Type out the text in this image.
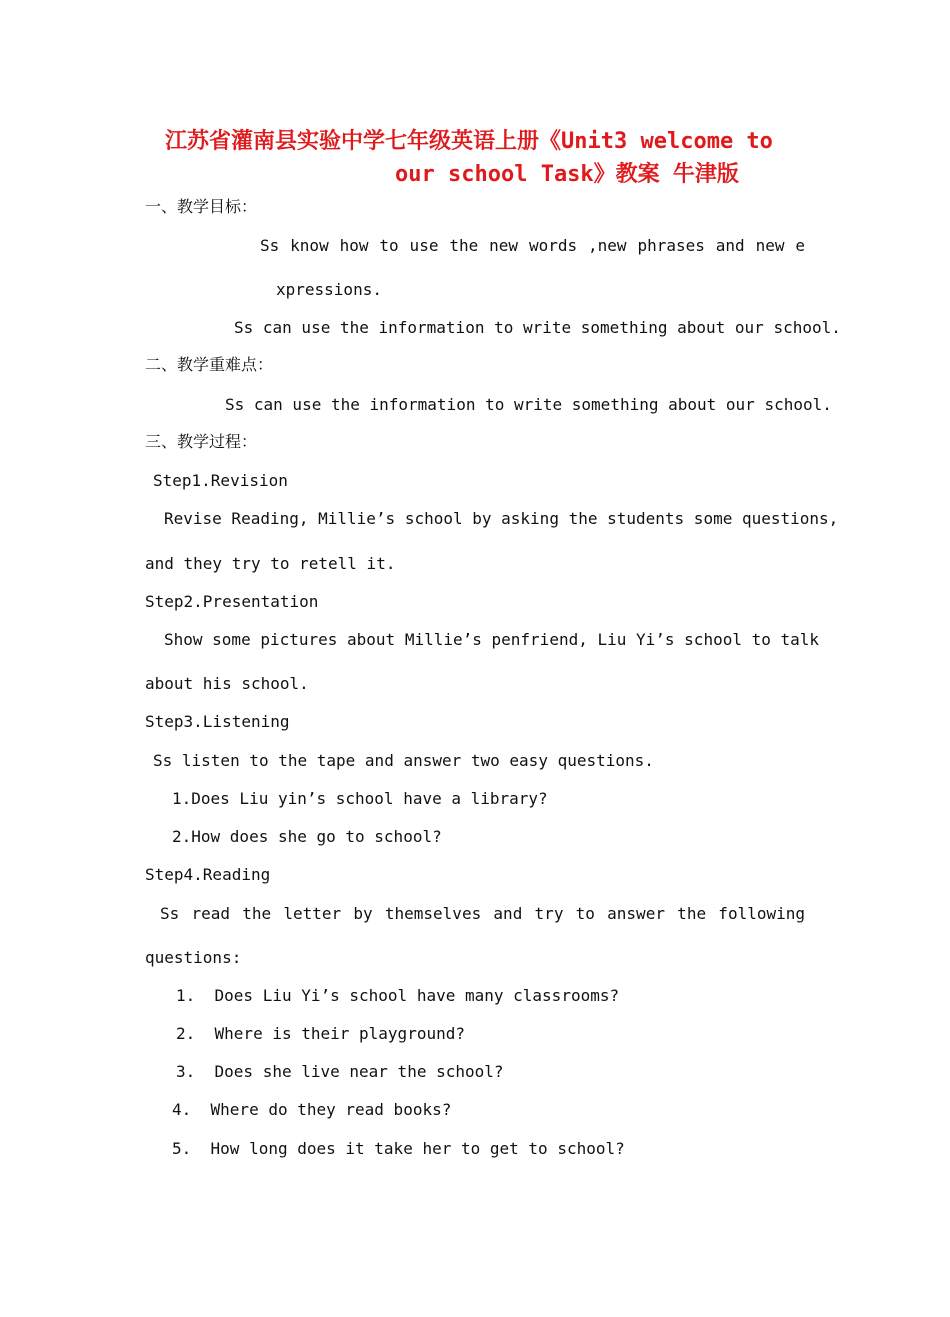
江苏省灌南县实验中学七年级英语上册《Unit3 welcome to
our school Task》教案 牛津版
一、教学目标：
Ss know how to use the new words ,new phrases and new e
xpressions.
Ss can use the information to write something about our school.
二、教学重难点：
Ss can use the information to write something about our school.
三、教学过程：
Step1.Revision
Revise Reading, Millie’s school by asking the students some questions,
and they try to retell it.
Step2.Presentation
Show some pictures about Millie’s penfriend, Liu Yi’s school to talk
about his school.
Step3.Listening
Ss listen to the tape and answer two easy questions.
1.Does Liu yin’s school have a library?
2.How does she go to school?
Step4.Reading
Ss read the letter by themselves and try to answer the following
questions:
1.  Does Liu Yi’s school have many classrooms?
2.  Where is their playground?
3.  Does she live near the school?
4.  Where do they read books?
5.  How long does it take her to get to school?
